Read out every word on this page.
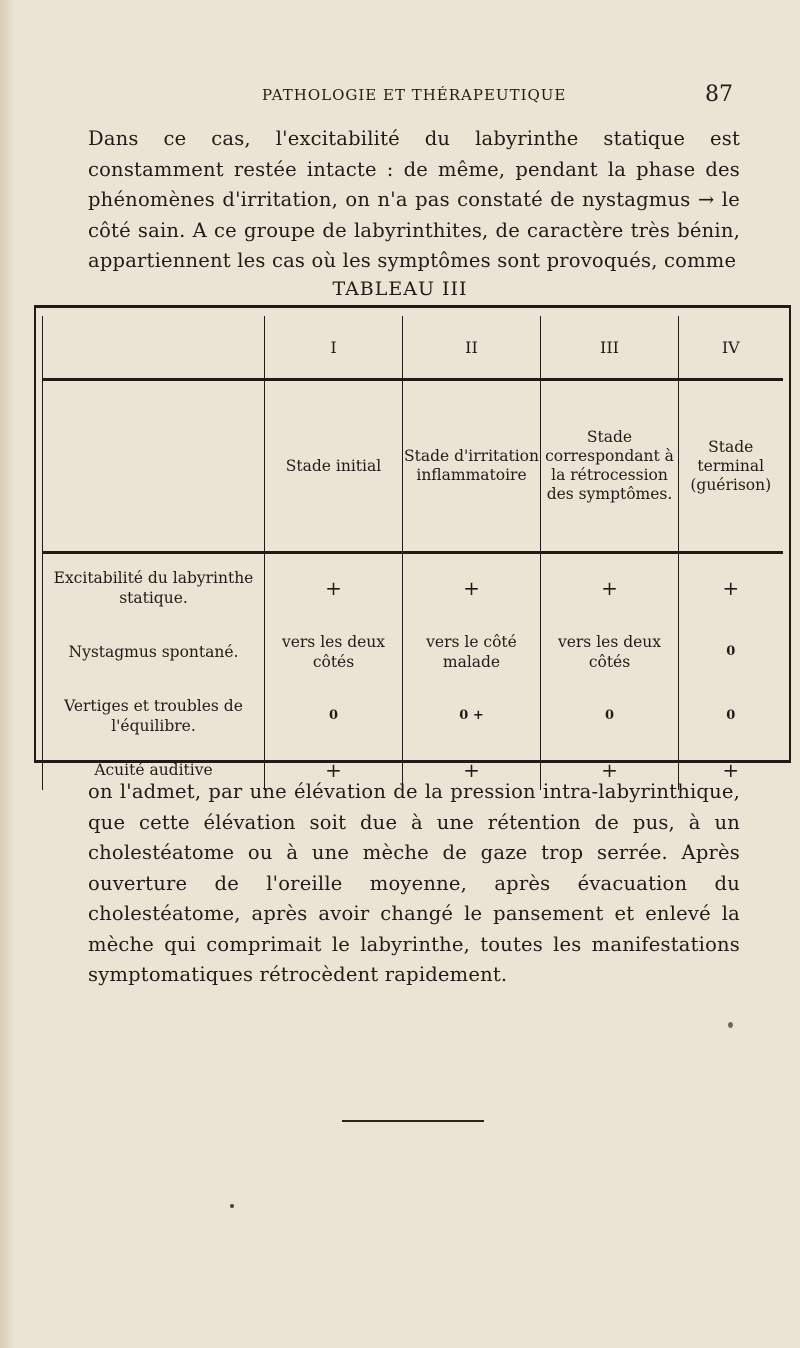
PATHOLOGIE ET THÉRAPEUTIQUE	87

Dans ce cas, l'excitabilité du labyrinthe statique est constamment restée intacte : de même, pendant la phase des phénomènes d'irritation, on n'a pas constaté de nystagmus → le côté sain. A ce groupe de labyrinthites, de caractère très bénin, appartiennent les cas où les symptômes sont provoqués, comme

TABLEAU III
	I	II	III	IV
	Stade initial	Stade d'irritation inflammatoire	Stade correspondant à la rétrocession des symptômes.	Stade terminal (guérison)
Excitabilité du labyrinthe statique.	+	+	+	+
Nystagmus spontané.	vers les deux côtés	vers le côté malade	vers les deux côtés	0
Vertiges et troubles de l'équilibre.	0	0 +	0	0
Acuité auditive	+	+	+	+

on l'admet, par une élévation de la pression intra-labyrinthique, que cette élévation soit due à une rétention de pus, à un cholestéatome ou à une mèche de gaze trop serrée. Après ouverture de l'oreille moyenne, après évacuation du cholestéatome, après avoir changé le pansement et enlevé la mèche qui comprimait le labyrinthe, toutes les manifestations symptomatiques rétrocèdent rapidement.
